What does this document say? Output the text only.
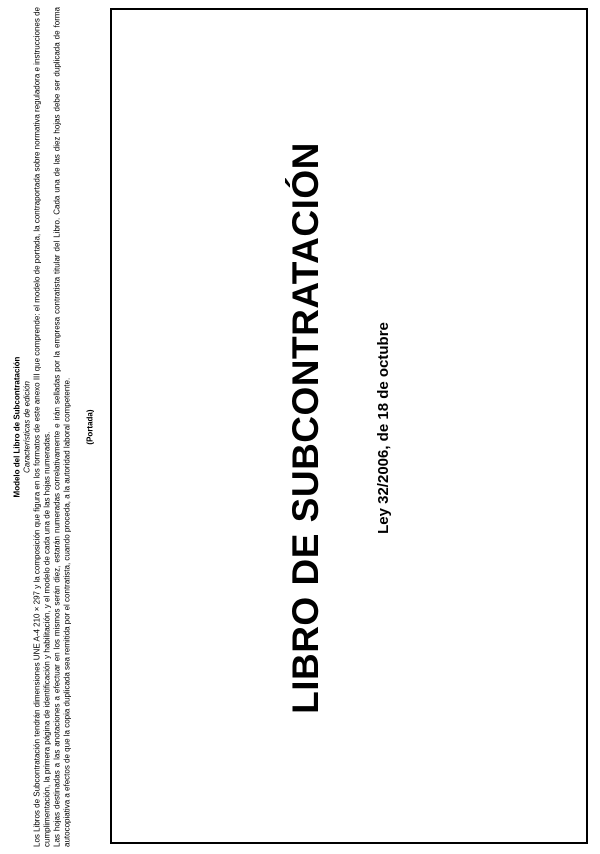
Modelo del Libro de Subcontratación Características de edición Los Libros de Subcontratación tendrán dimensiones UNE A-4 210 × 297 y la composición que figura en los formatos de este anexo III que comprende: el modelo de portada, la contraportada sobre normativa reguladora e instrucciones de cumplimentación, la primera página de identificación y habilitación, y el modelo de cada una de las hojas numeradas. Las hojas destinadas a las anotaciones a efectuar en los mismos serán diez, estarán numeradas correlativamente e irán selladas por la empresa contratista titular del Libro. Cada una de las diez hojas debe ser duplicada de forma autocopiativa a efectos de que la copia duplicada sea remitida por el contratista, cuando proceda, a la autoridad laboral competente. (Portada)	LIBRO DE SUBCONTRATACIÓN	Ley 32/2006, de 18 de octubre
